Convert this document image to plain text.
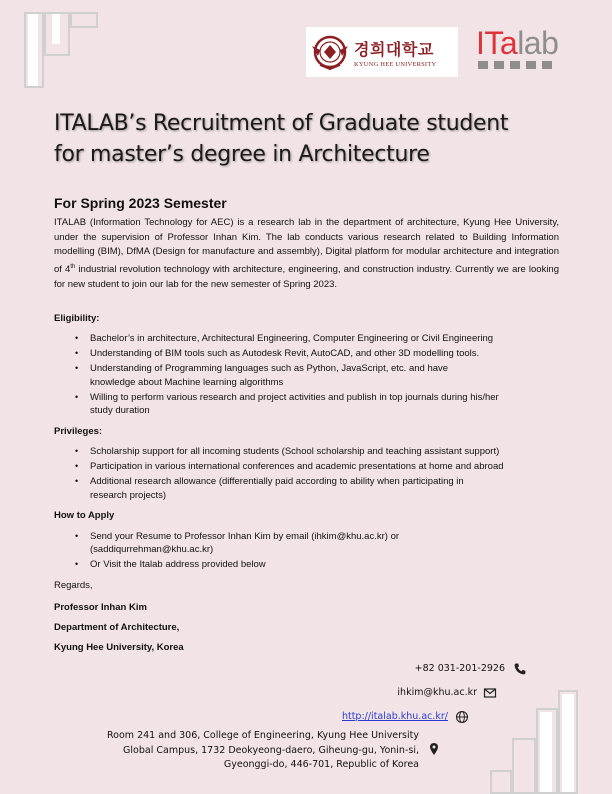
경희대학교
KYUNG HEE UNIVERSITY
ITalab
ITALAB’s Recruitment of Graduate student
for master’s degree in Architecture
For Spring 2023 Semester

ITALAB (Information Technology for AEC) is a research lab in the department of architecture, Kyung Hee University, under the supervision of Professor Inhan Kim. The lab conducts various research related to Building Information modelling (BIM), DfMA (Design for manufacture and assembly), Digital platform for modular architecture and integration of 4th industrial revolution technology with architecture, engineering, and construction industry. Currently we are looking for new student to join our lab for the new semester of Spring 2023.

Eligibility:
• Bachelor’s in architecture, Architectural Engineering, Computer Engineering or Civil Engineering
• Understanding of BIM tools such as Autodesk Revit, AutoCAD, and other 3D modelling tools.
• Understanding of Programming languages such as Python, JavaScript, etc. and have knowledge about Machine learning algorithms
• Willing to perform various research and project activities and publish in top journals during his/her study duration
Privileges:
• Scholarship support for all incoming students (School scholarship and teaching assistant support)
• Participation in various international conferences and academic presentations at home and abroad
• Additional research allowance (differentially paid according to ability when participating in research projects)
How to Apply
• Send your Resume to Professor Inhan Kim by email (ihkim@khu.ac.kr) or (saddiqurrehman@khu.ac.kr)
• Or Visit the Italab address provided below
Regards,
Professor Inhan Kim
Department of Architecture,
Kyung Hee University, Korea
+82 031-201-2926
ihkim@khu.ac.kr
http://italab.khu.ac.kr/
Room 241 and 306, College of Engineering, Kyung Hee University
Global Campus, 1732 Deokyeong-daero, Giheung-gu, Yonin-si,
Gyeonggi-do, 446-701, Republic of Korea
